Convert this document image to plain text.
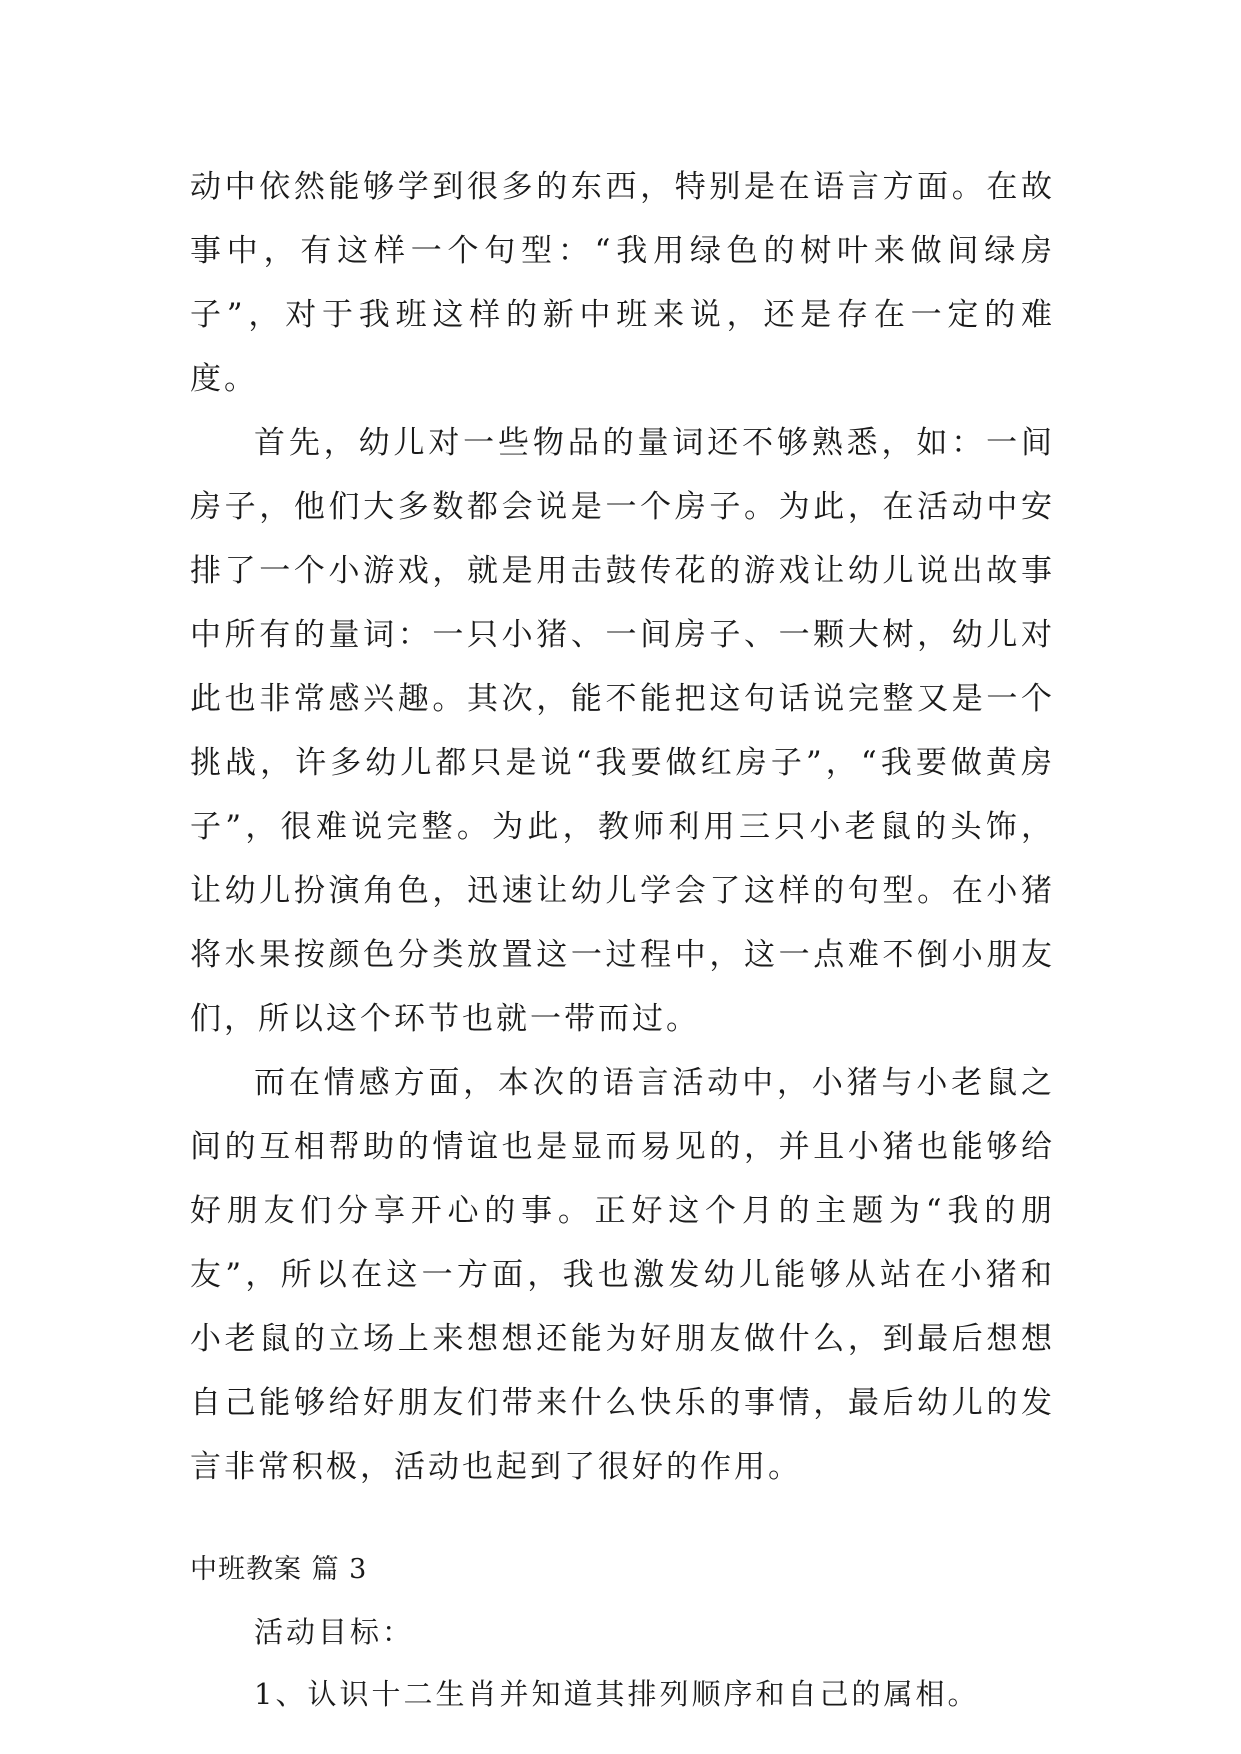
动中依然能够学到很多的东西，特别是在语言方面。在故事中，有这样一个句型：“我用绿色的树叶来做间绿房子”，对于我班这样的新中班来说，还是存在一定的难度。

首先，幼儿对一些物品的量词还不够熟悉，如：一间房子，他们大多数都会说是一个房子。为此，在活动中安排了一个小游戏，就是用击鼓传花的游戏让幼儿说出故事中所有的量词：一只小猪、一间房子、一颗大树，幼儿对此也非常感兴趣。其次，能不能把这句话说完整又是一个挑战，许多幼儿都只是说“我要做红房子”，“我要做黄房子”，很难说完整。为此，教师利用三只小老鼠的头饰，让幼儿扮演角色，迅速让幼儿学会了这样的句型。在小猪将水果按颜色分类放置这一过程中，这一点难不倒小朋友们，所以这个环节也就一带而过。

而在情感方面，本次的语言活动中，小猪与小老鼠之间的互相帮助的情谊也是显而易见的，并且小猪也能够给好朋友们分享开心的事。正好这个月的主题为“我的朋友”，所以在这一方面，我也激发幼儿能够从站在小猪和小老鼠的立场上来想想还能为好朋友做什么，到最后想想自己能够给好朋友们带来什么快乐的事情，最后幼儿的发言非常积极，活动也起到了很好的作用。

中班教案 篇 3

活动目标：

1、认识十二生肖并知道其排列顺序和自己的属相。
